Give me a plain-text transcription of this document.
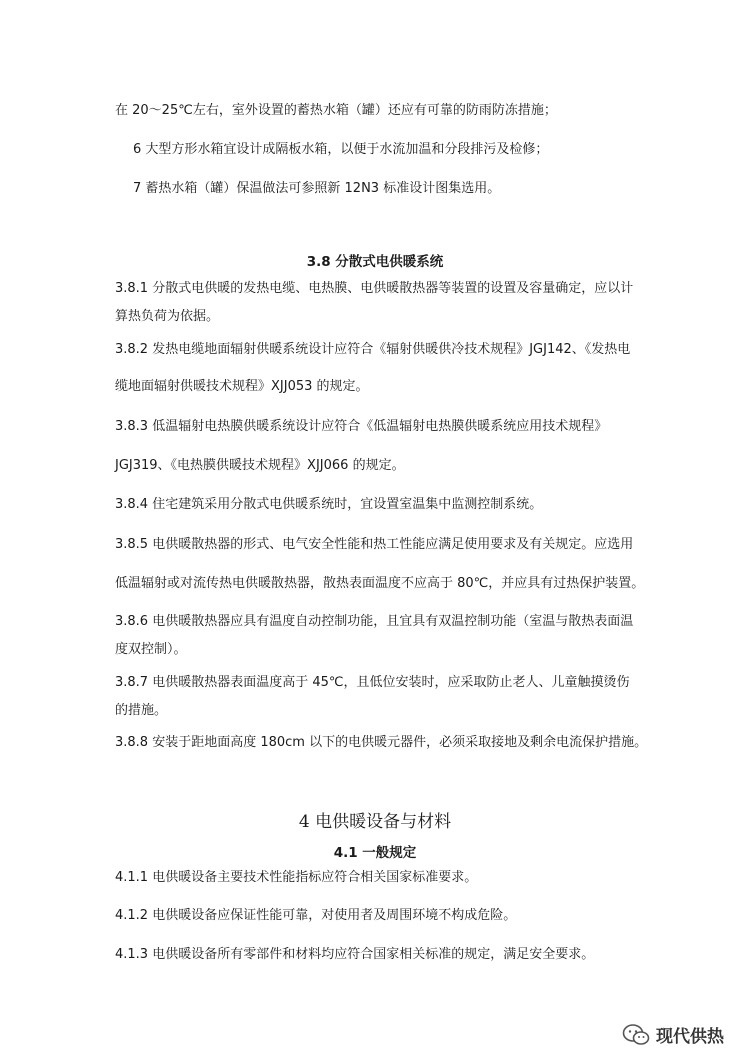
在 20～25℃左右，室外设置的蓄热水箱（罐）还应有可靠的防雨防冻措施；
6 大型方形水箱宜设计成隔板水箱，以便于水流加温和分段排污及检修；
7 蓄热水箱（罐）保温做法可参照新 12N3 标准设计图集选用。
3.8 分散式电供暖系统
3.8.1 分散式电供暖的发热电缆、电热膜、电供暖散热器等装置的设置及容量确定，应以计
算热负荷为依据。
3.8.2 发热电缆地面辐射供暖系统设计应符合《辐射供暖供冷技术规程》JGJ142、《发热电
缆地面辐射供暖技术规程》XJJ053 的规定。
3.8.3 低温辐射电热膜供暖系统设计应符合《低温辐射电热膜供暖系统应用技术规程》
JGJ319、《电热膜供暖技术规程》XJJ066 的规定。
3.8.4 住宅建筑采用分散式电供暖系统时，宜设置室温集中监测控制系统。
3.8.5 电供暖散热器的形式、电气安全性能和热工性能应满足使用要求及有关规定。应选用
低温辐射或对流传热电供暖散热器，散热表面温度不应高于 80℃，并应具有过热保护装置。
3.8.6 电供暖散热器应具有温度自动控制功能，且宜具有双温控制功能（室温与散热表面温
度双控制）。
3.8.7 电供暖散热器表面温度高于 45℃，且低位安装时，应采取防止老人、儿童触摸烫伤
的措施。
3.8.8 安装于距地面高度 180cm 以下的电供暖元器件，必须采取接地及剩余电流保护措施。
4 电供暖设备与材料
4.1 一般规定
4.1.1 电供暖设备主要技术性能指标应符合相关国家标准要求。
4.1.2 电供暖设备应保证性能可靠，对使用者及周围环境不构成危险。
4.1.3 电供暖设备所有零部件和材料均应符合国家相关标准的规定，满足安全要求。
现代供热
